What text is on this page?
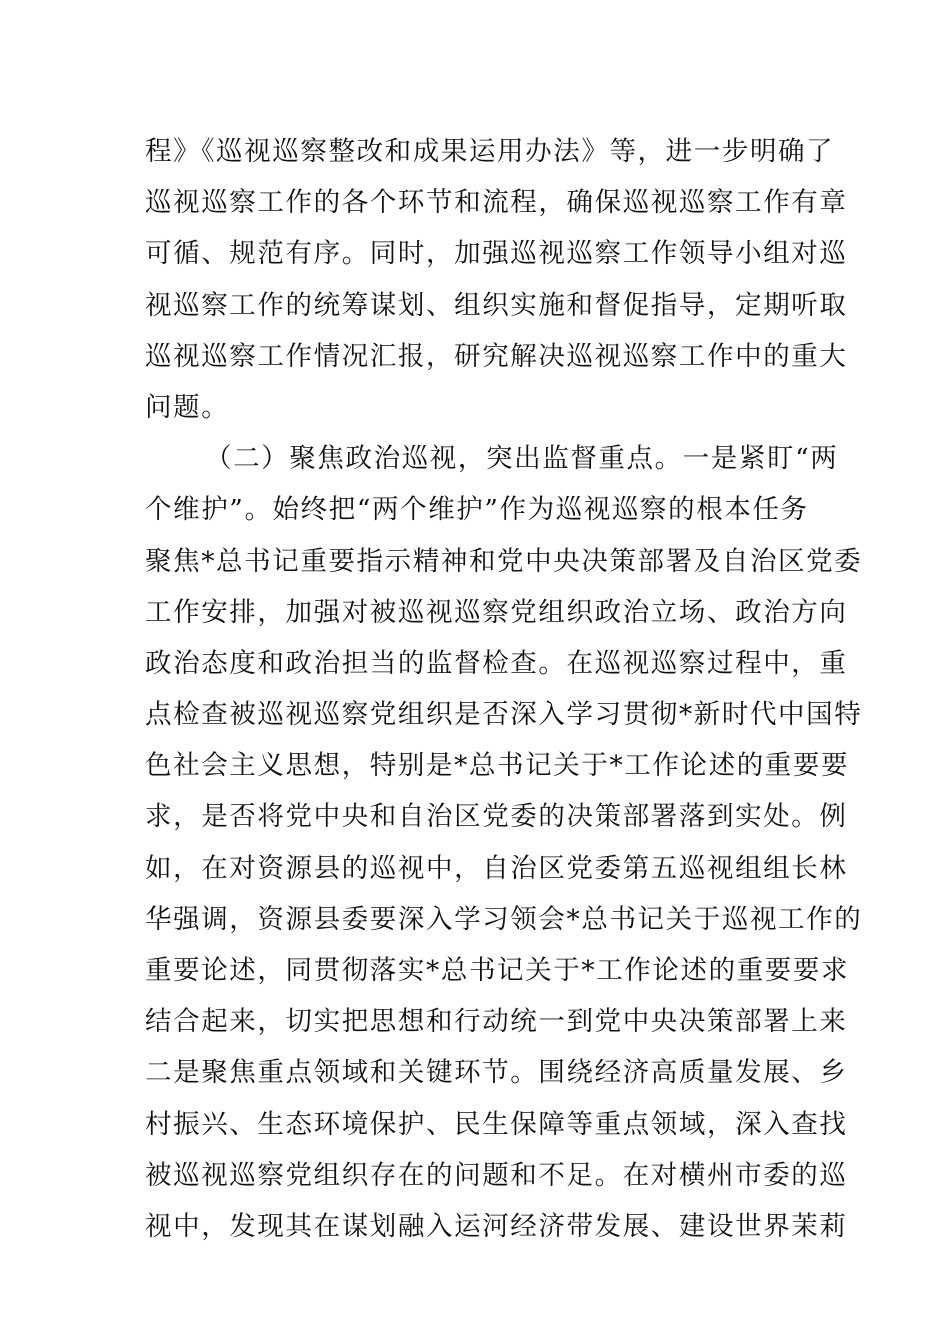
程》《巡视巡察整改和成果运用办法》等，进一步明确了
巡视巡察工作的各个环节和流程，确保巡视巡察工作有章
可循、规范有序。同时，加强巡视巡察工作领导小组对巡
视巡察工作的统筹谋划、组织实施和督促指导，定期听取
巡视巡察工作情况汇报，研究解决巡视巡察工作中的重大
问题。
（二）聚焦政治巡视，突出监督重点。一是紧盯“两
个维护”。始终把“两个维护”作为巡视巡察的根本任务
聚焦*总书记重要指示精神和党中央决策部署及自治区党委
工作安排，加强对被巡视巡察党组织政治立场、政治方向
政治态度和政治担当的监督检查。在巡视巡察过程中，重
点检查被巡视巡察党组织是否深入学习贯彻*新时代中国特
色社会主义思想，特别是*总书记关于*工作论述的重要要
求，是否将党中央和自治区党委的决策部署落到实处。例
如，在对资源县的巡视中，自治区党委第五巡视组组长林
华强调，资源县委要深入学习领会*总书记关于巡视工作的
重要论述，同贯彻落实*总书记关于*工作论述的重要要求
结合起来，切实把思想和行动统一到党中央决策部署上来
二是聚焦重点领域和关键环节。围绕经济高质量发展、乡
村振兴、生态环境保护、民生保障等重点领域，深入查找
被巡视巡察党组织存在的问题和不足。在对横州市委的巡
视中，发现其在谋划融入运河经济带发展、建设世界茉莉
